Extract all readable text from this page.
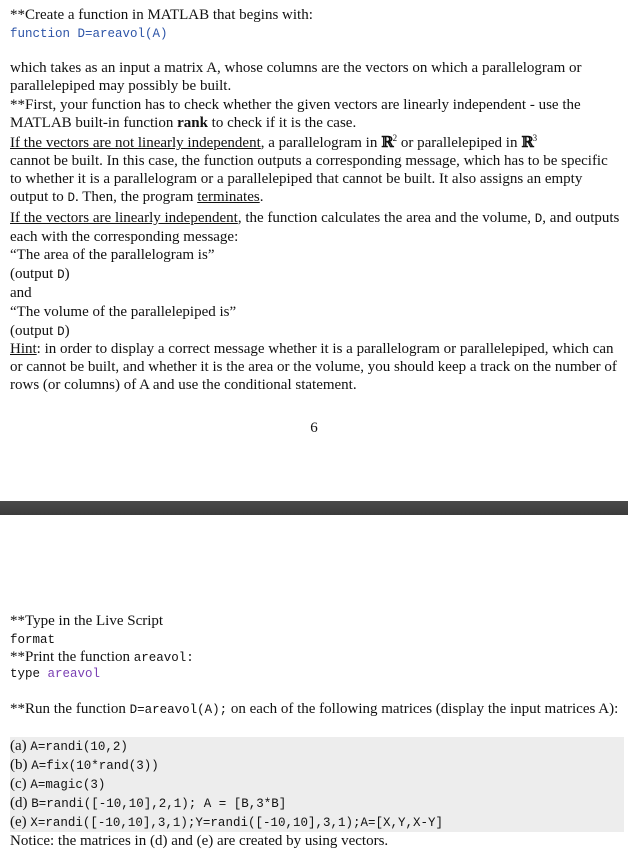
**Create a function in MATLAB that begins with:

function D=areavol(A)

which takes as an input a matrix A, whose columns are the vectors on which a parallelogram or parallelepiped may possibly be built.

**First, your function has to check whether the given vectors are linearly independent - use the MATLAB built-in function rank to check if it is the case.

If the vectors are not linearly independent, a parallelogram in ℝ$^2$ or parallelepiped in ℝ$^3$
cannot be built. In this case, the function outputs a corresponding message, which has to be specific to whether it is a parallelogram or a parallelepiped that cannot be built. It also assigns an empty output to D. Then, the program terminates.

If the vectors are linearly independent, the function calculates the area and the volume, D, and outputs each with the corresponding message:

“The area of the parallelogram is”

(output D)

and

“The volume of the parallelepiped is”

(output D)

Hint: in order to display a correct message whether it is a parallelogram or parallelepiped, which can or cannot be built, and whether it is the area or the volume, you should keep a track on the number of rows (or columns) of A and use the conditional statement.

6

**Type in the Live Script

format

**Print the function areavol:

type areavol

**Run the function D=areavol(A); on each of the following matrices (display the input matrices A):

(a) A=randi(10,2)
(b) A=fix(10*rand(3))
(c) A=magic(3)
(d) B=randi([-10,10],2,1); A = [B,3*B]
(e) X=randi([-10,10],3,1);Y=randi([-10,10],3,1);A=[X,Y,X-Y]

Notice: the matrices in (d) and (e) are created by using vectors.
